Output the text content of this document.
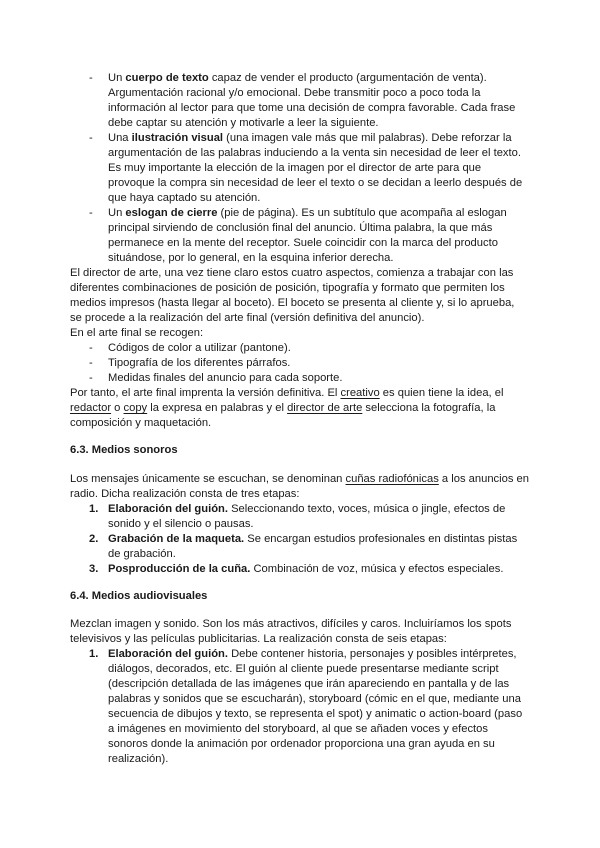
- Un cuerpo de texto capaz de vender el producto (argumentación de venta).
Argumentación racional y/o emocional. Debe transmitir poco a poco toda la
información al lector para que tome una decisión de compra favorable. Cada frase
debe captar su atención y motivarle a leer la siguiente.
- Una ilustración visual (una imagen vale más que mil palabras). Debe reforzar la
argumentación de las palabras induciendo a la venta sin necesidad de leer el texto.
Es muy importante la elección de la imagen por el director de arte para que
provoque la compra sin necesidad de leer el texto o se decidan a leerlo después de
que haya captado su atención.
- Un eslogan de cierre (pie de página). Es un subtítulo que acompaña al eslogan
principal sirviendo de conclusión final del anuncio. Última palabra, la que más
permanece en la mente del receptor. Suele coincidir con la marca del producto
situándose, por lo general, en la esquina inferior derecha.
El director de arte, una vez tiene claro estos cuatro aspectos, comienza a trabajar con las
diferentes combinaciones de posición de posición, tipografía y formato que permiten los
medios impresos (hasta llegar al boceto). El boceto se presenta al cliente y, si lo aprueba,
se procede a la realización del arte final (versión definitiva del anuncio).
En el arte final se recogen:
- Códigos de color a utilizar (pantone).
- Tipografía de los diferentes párrafos.
- Medidas finales del anuncio para cada soporte.
Por tanto, el arte final imprenta la versión definitiva. El creativo es quien tiene la idea, el
redactor o copy la expresa en palabras y el director de arte selecciona la fotografía, la
composición y maquetación.
6.3. Medios sonoros
Los mensajes únicamente se escuchan, se denominan cuñas radiofónicas a los anuncios en
radio. Dicha realización consta de tres etapas:
1. Elaboración del guión. Seleccionando texto, voces, música o jingle, efectos de
sonido y el silencio o pausas.
2. Grabación de la maqueta. Se encargan estudios profesionales en distintas pistas
de grabación.
3. Posproducción de la cuña. Combinación de voz, música y efectos especiales.
6.4. Medios audiovisuales
Mezclan imagen y sonido. Son los más atractivos, difíciles y caros. Incluiríamos los spots
televisivos y las películas publicitarias. La realización consta de seis etapas:
1. Elaboración del guión. Debe contener historia, personajes y posibles intérpretes,
diálogos, decorados, etc. El guión al cliente puede presentarse mediante script
(descripción detallada de las imágenes que irán apareciendo en pantalla y de las
palabras y sonidos que se escucharán), storyboard (cómic en el que, mediante una
secuencia de dibujos y texto, se representa el spot) y animatic o action-board (paso
a imágenes en movimiento del storyboard, al que se añaden voces y efectos
sonoros donde la animación por ordenador proporciona una gran ayuda en su
realización).
